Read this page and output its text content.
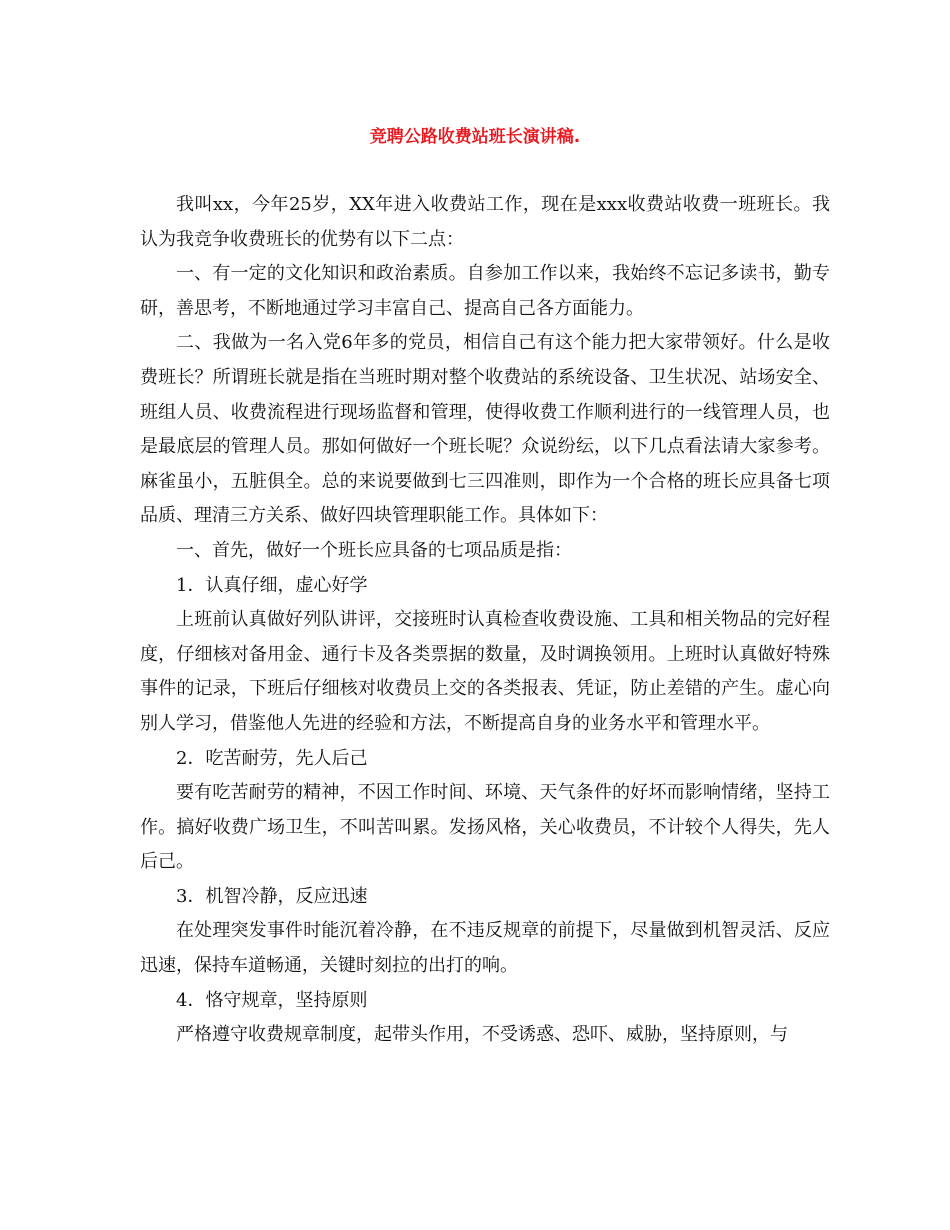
竞聘公路收费站班长演讲稿.

我叫xx，今年25岁，XX年进入收费站工作，现在是xxx收费站收费一班班长。我认为我竞争收费班长的优势有以下二点：

一、有一定的文化知识和政治素质。自参加工作以来，我始终不忘记多读书，勤专研，善思考，不断地通过学习丰富自己、提高自己各方面能力。

二、我做为一名入党6年多的党员，相信自己有这个能力把大家带领好。什么是收费班长？所谓班长就是指在当班时期对整个收费站的系统设备、卫生状况、站场安全、班组人员、收费流程进行现场监督和管理，使得收费工作顺利进行的一线管理人员，也是最底层的管理人员。那如何做好一个班长呢？众说纷纭，以下几点看法请大家参考。麻雀虽小，五脏俱全。总的来说要做到七三四准则，即作为一个合格的班长应具备七项品质、理清三方关系、做好四块管理职能工作。具体如下：

一、首先，做好一个班长应具备的七项品质是指：

1．认真仔细，虚心好学

上班前认真做好列队讲评，交接班时认真检查收费设施、工具和相关物品的完好程度，仔细核对备用金、通行卡及各类票据的数量，及时调换领用。上班时认真做好特殊事件的记录，下班后仔细核对收费员上交的各类报表、凭证，防止差错的产生。虚心向别人学习，借鉴他人先进的经验和方法，不断提高自身的业务水平和管理水平。

2．吃苦耐劳，先人后己

要有吃苦耐劳的精神，不因工作时间、环境、天气条件的好坏而影响情绪，坚持工作。搞好收费广场卫生，不叫苦叫累。发扬风格，关心收费员，不计较个人得失，先人后己。

3．机智冷静，反应迅速

在处理突发事件时能沉着冷静，在不违反规章的前提下，尽量做到机智灵活、反应迅速，保持车道畅通，关键时刻拉的出打的响。

4．恪守规章，坚持原则

严格遵守收费规章制度，起带头作用，不受诱惑、恐吓、威胁，坚持原则，与
